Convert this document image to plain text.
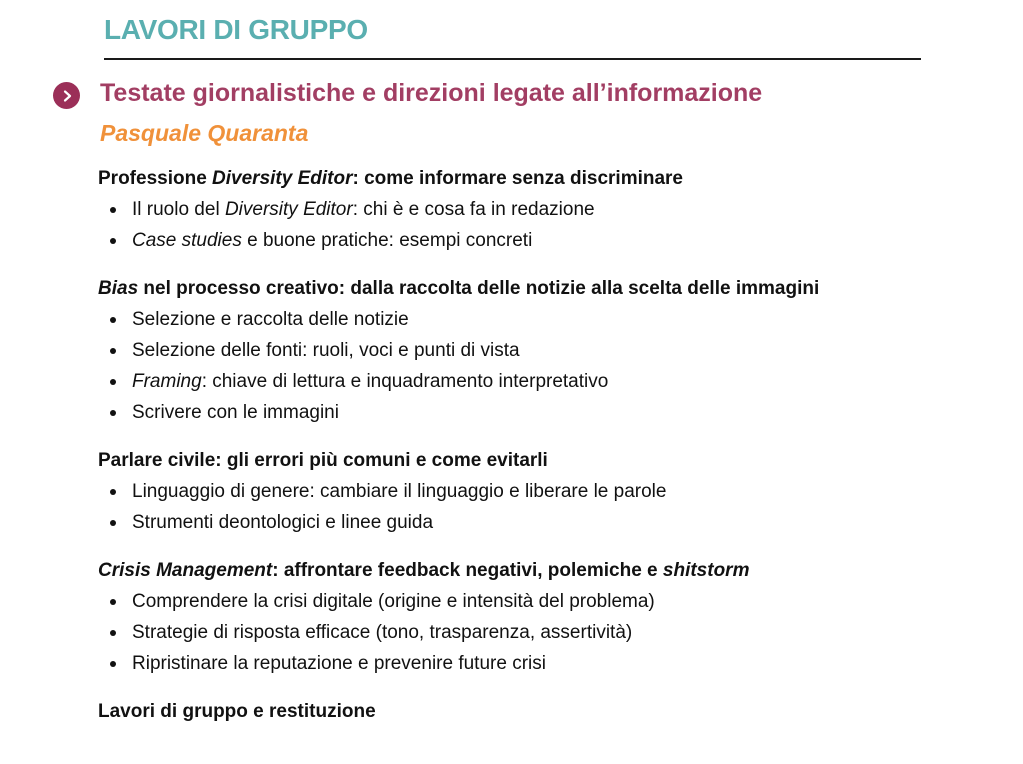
LAVORI DI GRUPPO
Testate giornalistiche e direzioni legate all’informazione
Pasquale Quaranta
Professione Diversity Editor: come informare senza discriminare
Il ruolo del Diversity Editor: chi è e cosa fa in redazione
Case studies e buone pratiche: esempi concreti
Bias nel processo creativo: dalla raccolta delle notizie alla scelta delle immagini
Selezione e raccolta delle notizie
Selezione delle fonti: ruoli, voci e punti di vista
Framing: chiave di lettura e inquadramento interpretativo
Scrivere con le immagini
Parlare civile: gli errori più comuni e come evitarli
Linguaggio di genere: cambiare il linguaggio e liberare le parole
Strumenti deontologici e linee guida
Crisis Management: affrontare feedback negativi, polemiche e shitstorm
Comprendere la crisi digitale (origine e intensità del problema)
Strategie di risposta efficace (tono, trasparenza, assertività)
Ripristinare la reputazione e prevenire future crisi
Lavori di gruppo e restituzione
